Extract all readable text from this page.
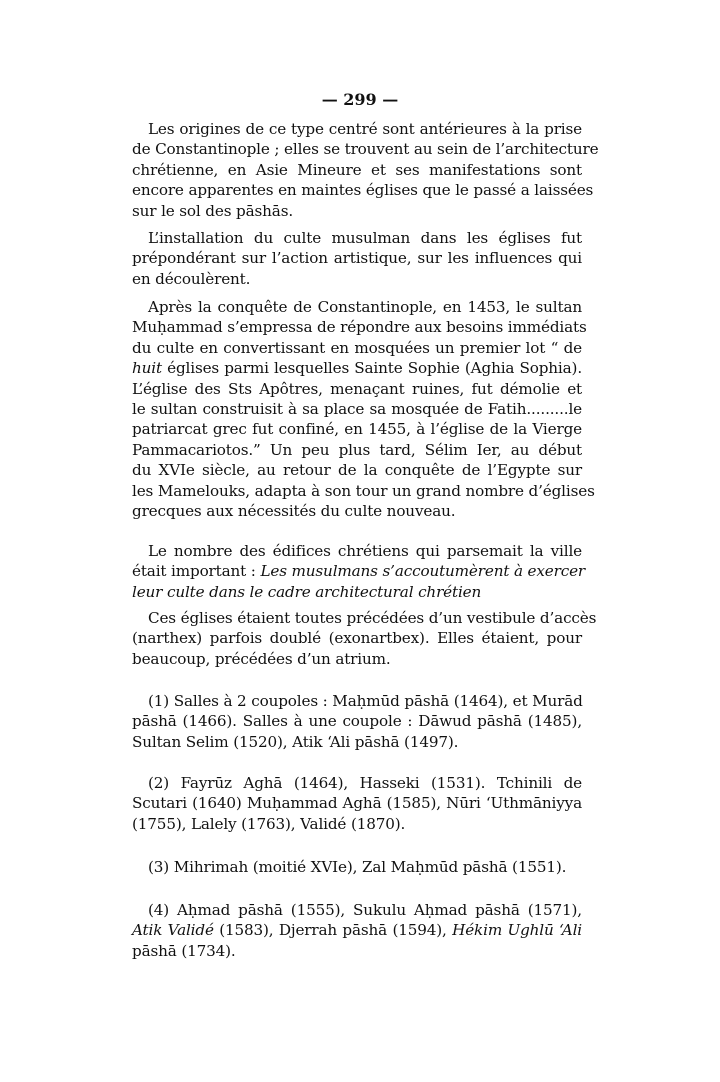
— 299 —
Les origines de ce type centré sont antérieures à la prise
de Constantinople ; elles se trouvent au sein de l’architecture
chrétienne, en Asie Mineure et ses manifestations sont
encore apparentes en maintes églises que le passé a laissées
sur le sol des pāshās.
L’installation du culte musulman dans les églises fut
prépondérant sur l’action artistique, sur les influences qui
en découlèrent.
Après la conquête de Constantinople, en 1453, le sultan
Muḥammad s’empressa de répondre aux besoins immédiats
du culte en convertissant en mosquées un premier lot “ de
huit églises parmi lesquelles Sainte Sophie (Aghia Sophia).
L’église des Sts Apôtres, menaçant ruines, fut démolie et
le sultan construisit à sa place sa mosquée de Fatih.........le
patriarcat grec fut confiné, en 1455, à l’église de la Vierge
Pammacariotos.” Un peu plus tard, Sélim Ier, au début
du XVIe siècle, au retour de la conquête de l’Egypte sur
les Mamelouks, adapta à son tour un grand nombre d’églises
grecques aux nécessités du culte nouveau.
Le nombre des édifices chrétiens qui parsemait la ville
était important : Les musulmans s’accoutumèrent à exercer
leur culte dans le cadre architectural chrétien
Ces églises étaient toutes précédées d’un vestibule d’accès
(narthex) parfois doublé (exonartbex). Elles étaient, pour
beaucoup, précédées d’un atrium.
(1) Salles à 2 coupoles : Maḥmūd pāshā (1464), et Murād
pāshā (1466). Salles à une coupole : Dāwud pāshā (1485),
Sultan Selim (1520), Atik ‘Ali pāshā (1497).
(2) Fayrūz Aghā (1464), Hasseki (1531). Tchinili de
Scutari (1640) Muḥammad Aghā (1585), Nūri ‘Uthmāniyya
(1755), Lalely (1763), Validé (1870).
(3) Mihrimah (moitié XVIe), Zal Maḥmūd pāshā (1551).
(4) Aḥmad pāshā (1555), Sukulu Aḥmad pāshā (1571),
Atik Validé (1583), Djerrah pāshā (1594), Hékim Ughlū ‘Ali
pāshā (1734).
